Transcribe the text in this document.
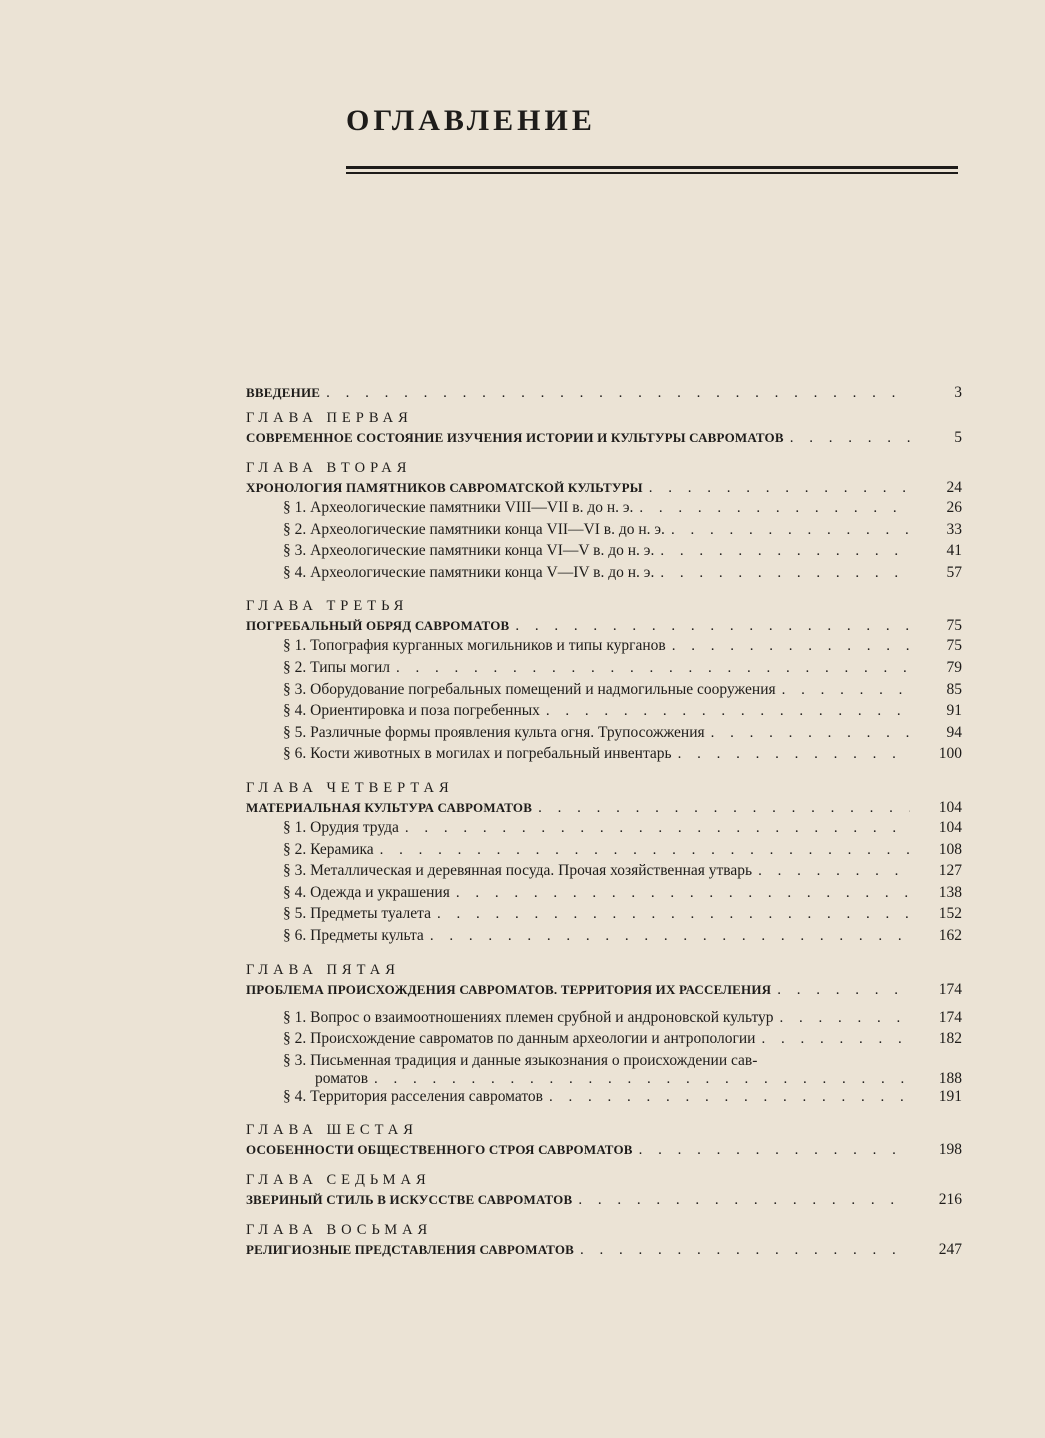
ОГЛАВЛЕНИЕ
ВВЕДЕНИЕ . . .	3
ГЛАВА ПЕРВАЯ
СОВРЕМЕННОЕ СОСТОЯНИЕ ИЗУЧЕНИЯ ИСТОРИИ И КУЛЬТУРЫ САВРОМАТОВ . . .	5
ГЛАВА ВТОРАЯ
ХРОНОЛОГИЯ ПАМЯТНИКОВ САВРОМАТСКОЙ КУЛЬТУРЫ . . .	24
§ 1. Археологические памятники VIII—VII в. до н. э. . . .	26
§ 2. Археологические памятники конца VII—VI в. до н. э. . . .	33
§ 3. Археологические памятники конца VI—V в. до н. э. . . .	41
§ 4. Археологические памятники конца V—IV в. до н. э. . . .	57
ГЛАВА ТРЕТЬЯ
ПОГРЕБАЛЬНЫЙ ОБРЯД САВРОМАТОВ . . .	75
§ 1. Топография курганных могильников и типы курганов . . .	75
§ 2. Типы могил . . .	79
§ 3. Оборудование погребальных помещений и надмогильные сооружения . . .	85
§ 4. Ориентировка и поза погребенных . . .	91
§ 5. Различные формы проявления культа огня. Трупосожжения . . .	94
§ 6. Кости животных в могилах и погребальный инвентарь . . .	100
ГЛАВА ЧЕТВЕРТАЯ
МАТЕРИАЛЬНАЯ КУЛЬТУРА САВРОМАТОВ . . .	104
§ 1. Орудия труда . . .	104
§ 2. Керамика . . .	108
§ 3. Металлическая и деревянная посуда. Прочая хозяйственная утварь . . .	127
§ 4. Одежда и украшения . . .	138
§ 5. Предметы туалета . . .	152
§ 6. Предметы культа . . .	162
ГЛАВА ПЯТАЯ
ПРОБЛЕМА ПРОИСХОЖДЕНИЯ САВРОМАТОВ. ТЕРРИТОРИЯ ИХ РАССЕЛЕНИЯ . . .	174
§ 1. Вопрос о взаимоотношениях племен срубной и андроновской культур . . .	174
§ 2. Происхождение савроматов по данным археологии и антропологии . . .	182
§ 3. Письменная традиция и данные языкознания о происхождении сав-
роматов . . .	188
§ 4. Территория расселения савроматов . . .	191
ГЛАВА ШЕСТАЯ
ОСОБЕННОСТИ ОБЩЕСТВЕННОГО СТРОЯ САВРОМАТОВ . . .	198
ГЛАВА СЕДЬМАЯ
ЗВЕРИНЫЙ СТИЛЬ В ИСКУССТВЕ САВРОМАТОВ . . .	216
ГЛАВА ВОСЬМАЯ
РЕЛИГИОЗНЫЕ ПРЕДСТАВЛЕНИЯ САВРОМАТОВ . . .	247
